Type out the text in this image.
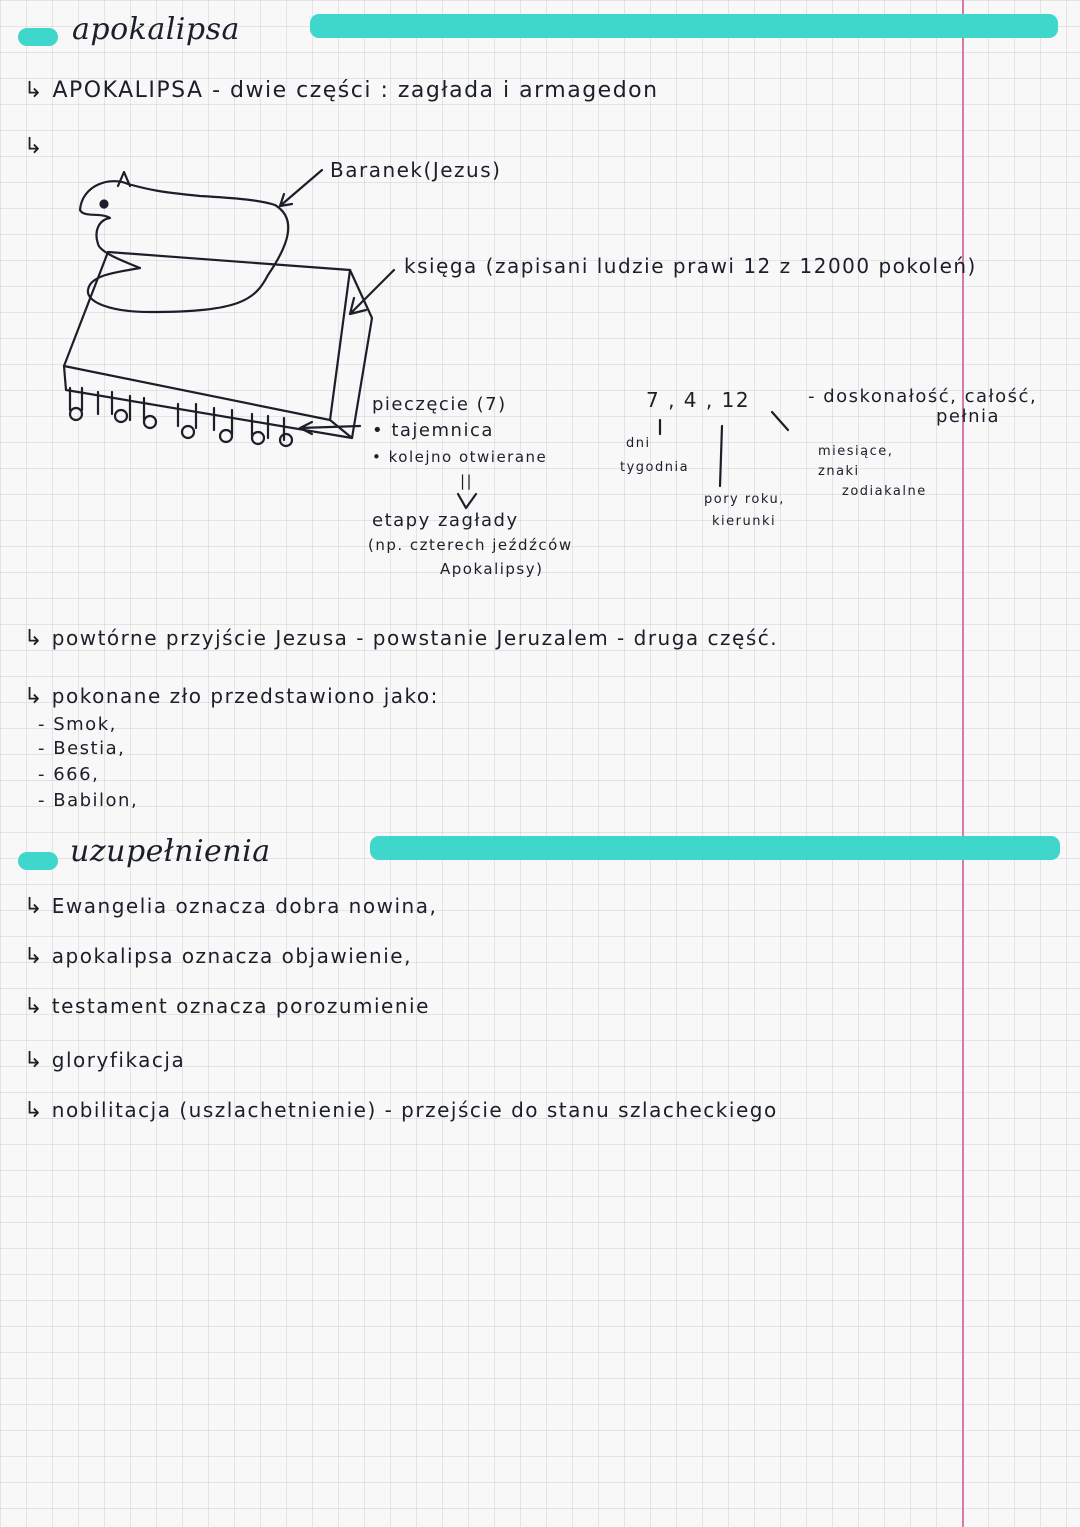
apokalipsa
↳ APOKALIPSA - dwie części : zagłada i armagedon
↳
Baranek(Jezus)
księga (zapisani ludzie prawi 12 z 12000 pokoleń)
pieczęcie (7)
• tajemnica
• kolejno otwierane
||
etapy zagłady
(np. czterech jeźdźców
Apokalipsy)
7 , 4 , 12	- doskonałość, całość,
pełnia
dni
tygodnia
pory roku,
kierunki
miesiące,
znaki
zodiakalne
↳ powtórne przyjście Jezusa - powstanie Jeruzalem - druga część.
↳ pokonane zło przedstawiono jako:
- Smok,
- Bestia,
- 666,
- Babilon,
uzupełnienia
↳ Ewangelia oznacza dobra nowina,
↳ apokalipsa oznacza objawienie,
↳ testament oznacza porozumienie
↳ gloryfikacja
↳ nobilitacja (uszlachetnienie) - przejście do stanu szlacheckiego
